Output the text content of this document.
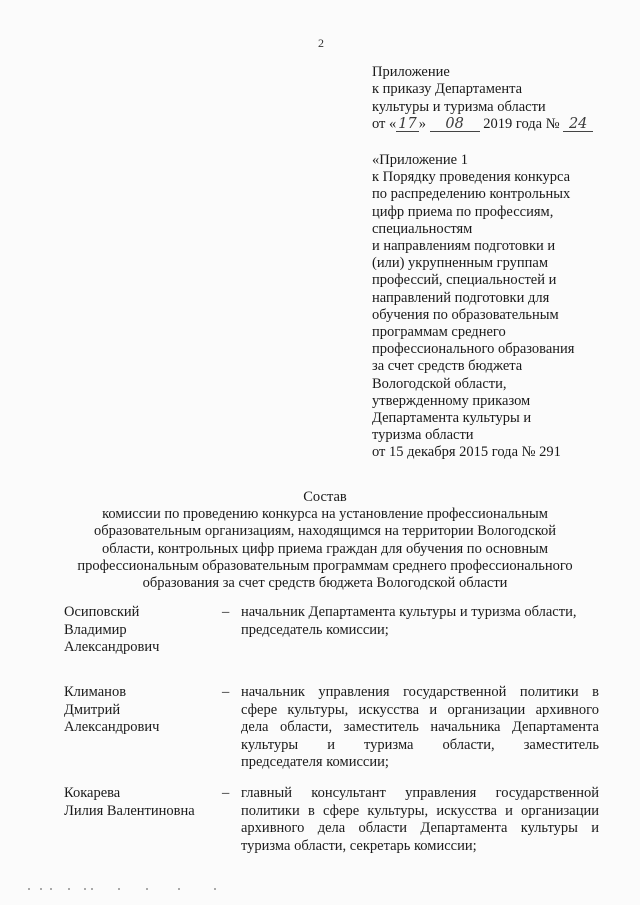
2
Приложение
к приказу Департамента
культуры и туризма области
от « 17 » 08 2019 года № 24
«Приложение 1
к Порядку проведения конкурса
по распределению контрольных
цифр приема по профессиям,
специальностям
и направлениям подготовки и
(или) укрупненным группам
профессий, специальностей и
направлений подготовки для
обучения по образовательным
программам среднего
профессионального образования
за счет средств бюджета
Вологодской области,
утвержденному приказом
Департамента культуры и
туризма области
от 15 декабря 2015 года № 291
Состав
комиссии по проведению конкурса на установление профессиональным
образовательным организациям, находящимся на территории Вологодской
области, контрольных цифр приема граждан для обучения по основным
профессиональным образовательным программам среднего профессионального
образования за счет средств бюджета Вологодской области
Осиповский
Владимир
Александрович
– начальник Департамента культуры и туризма области,
председатель комиссии;
Климанов
Дмитрий
Александрович
– начальник управления государственной политики в
сфере культуры, искусства и организации архивного
дела области, заместитель начальника Департамента
культуры и туризма области, заместитель
председателя комиссии;
Кокарева
Лилия Валентиновна
– главный консультант управления государственной
политики в сфере культуры, искусства и организации
архивного дела области Департамента культуры и
туризма области, секретарь комиссии;
